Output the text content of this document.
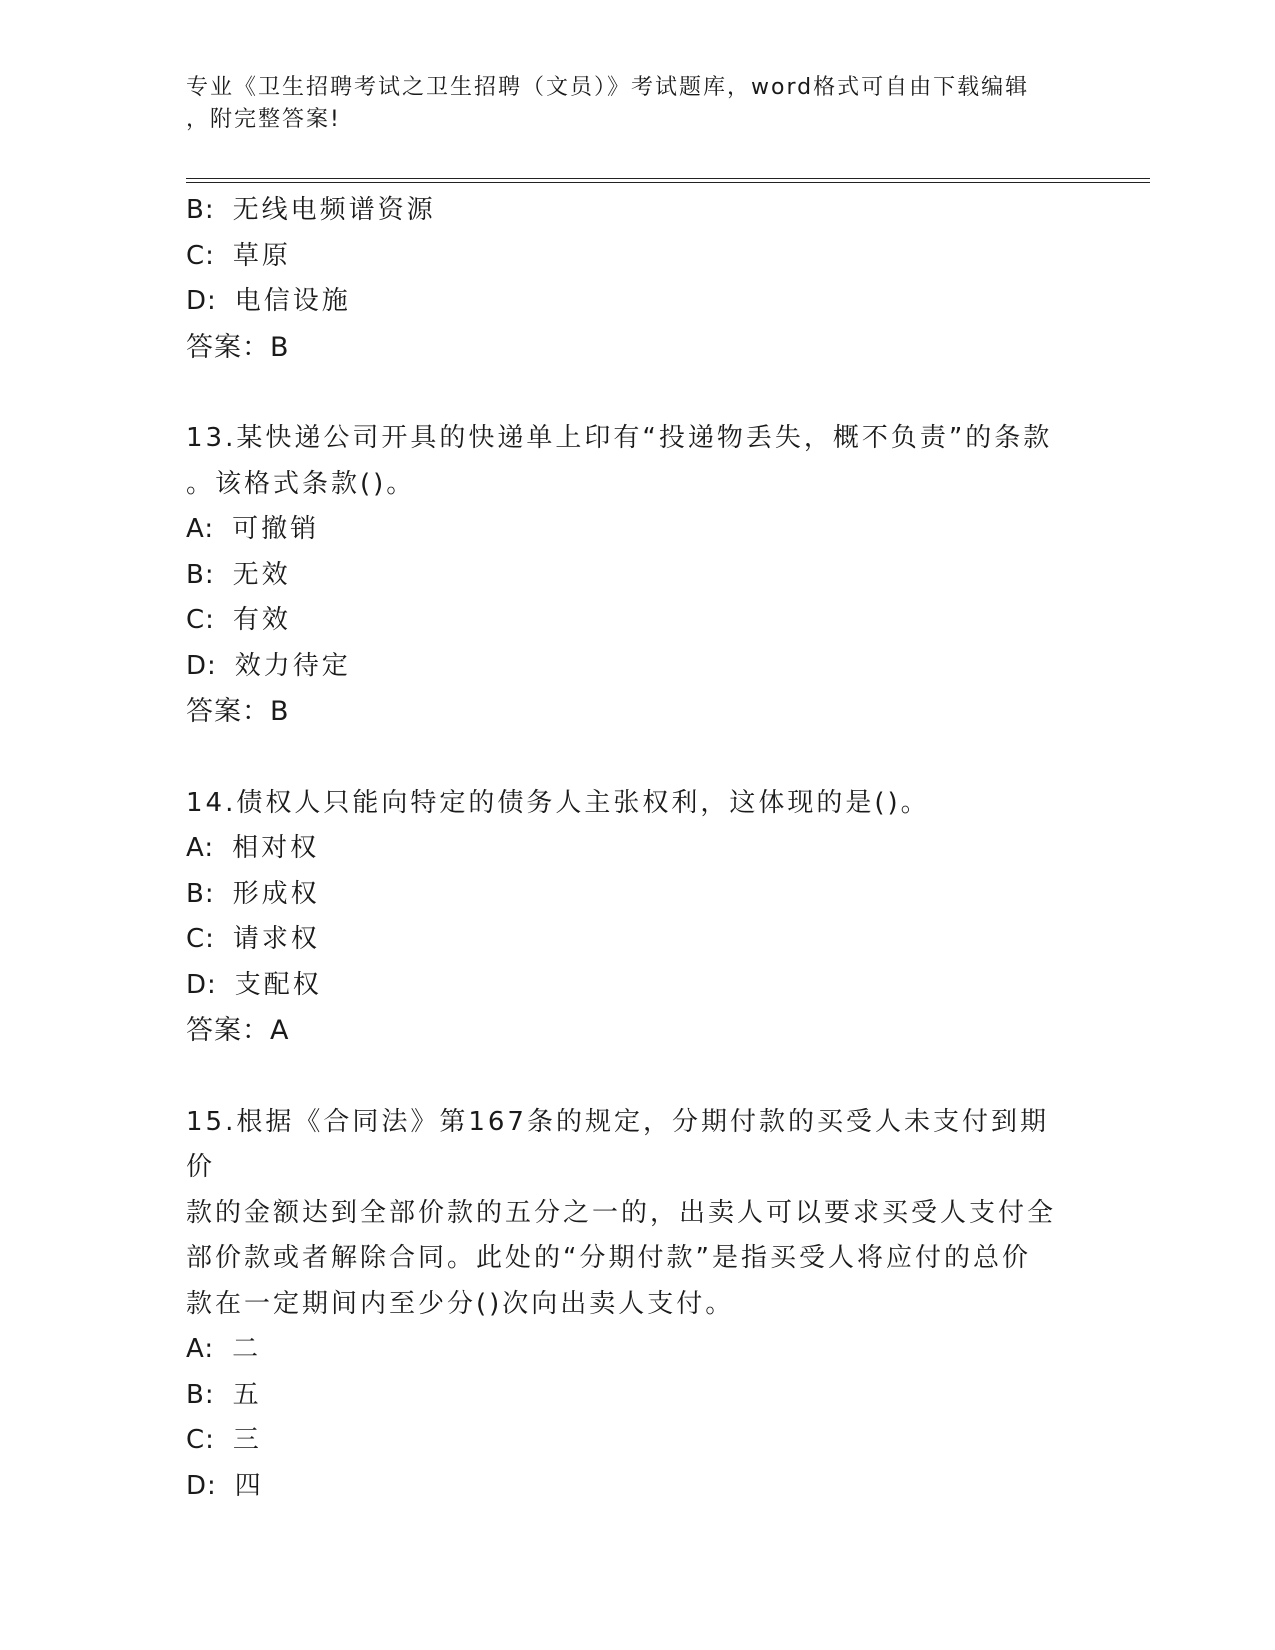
专业《卫生招聘考试之卫生招聘（文员）》考试题库，word格式可自由下载编辑
，附完整答案!
B: 无线电频谱资源
C: 草原
D: 电信设施
答案：B
13.某快递公司开具的快递单上印有“投递物丢失，概不负责”的条款
。该格式条款()。
A: 可撤销
B: 无效
C: 有效
D: 效力待定
答案：B
14.债权人只能向特定的债务人主张权利，这体现的是()。
A: 相对权
B: 形成权
C: 请求权
D: 支配权
答案：A
15.根据《合同法》第167条的规定，分期付款的买受人未支付到期价
款的金额达到全部价款的五分之一的，出卖人可以要求买受人支付全
部价款或者解除合同。此处的“分期付款”是指买受人将应付的总价
款在一定期间内至少分()次向出卖人支付。
A: 二
B: 五
C: 三
D: 四
